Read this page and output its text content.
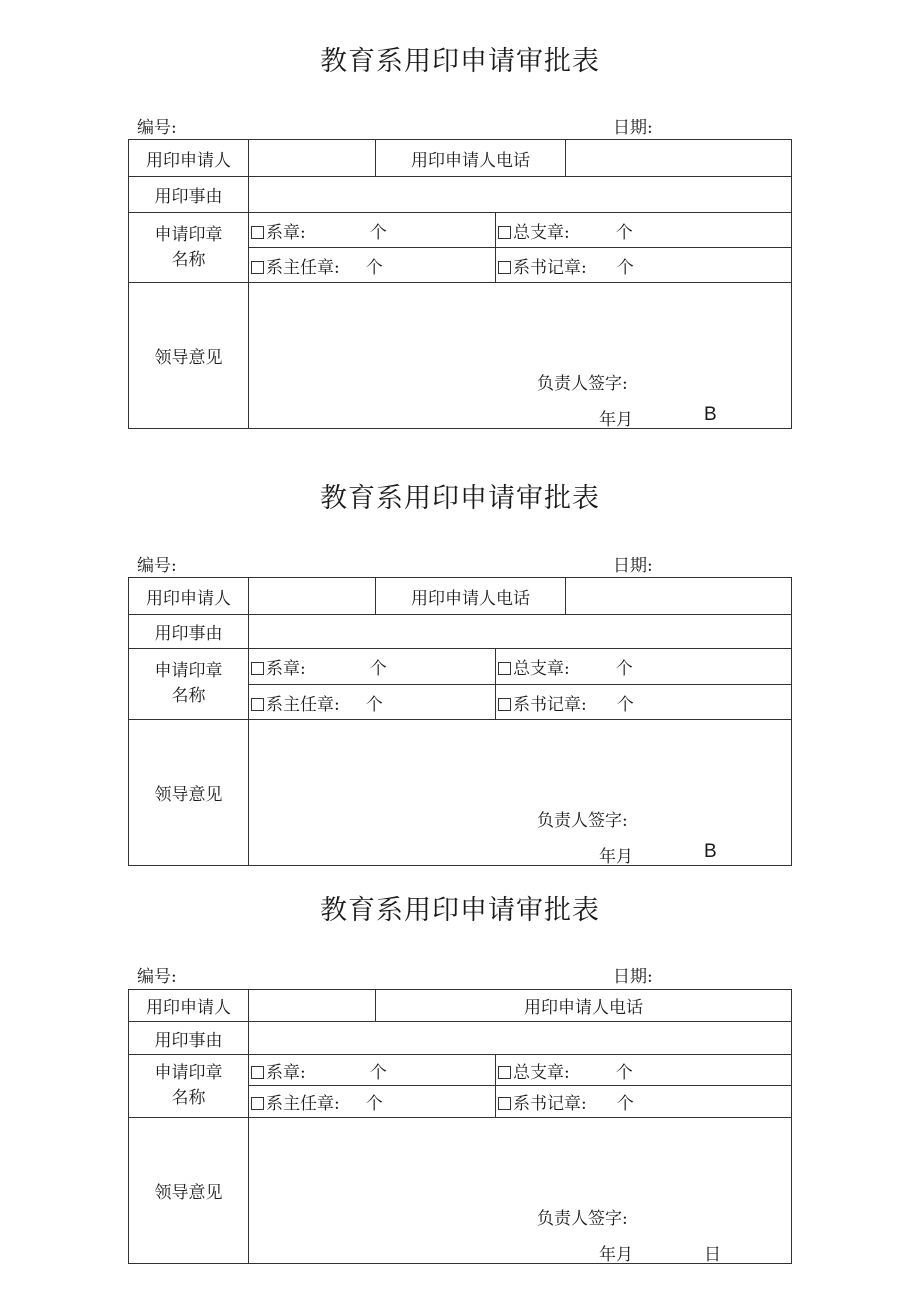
教育系用印申请审批表
编号:	日期:
用印申请人		用印申请人电话		
用印事由				

申请印章
名称	系章: 个		总支章: 个	
	系主任章: 个		系书记章: 个	
领导意见	负责人签字:
年月 B			
教育系用印申请审批表
编号:	日期:
用印申请人		用印申请人电话		
用印事由				

申请印章
名称	系章: 个		总支章: 个	
	系主任章: 个		系书记章: 个	
领导意见	负责人签字:
年月 B			
教育系用印申请审批表
编号:	日期:
用印申请人		用印申请人电话	
用印事由			

申请印章
名称	系章: 个		总支章: 个
	系主任章: 个		系书记章: 个
领导意见	负责人签字:
年月 日		
